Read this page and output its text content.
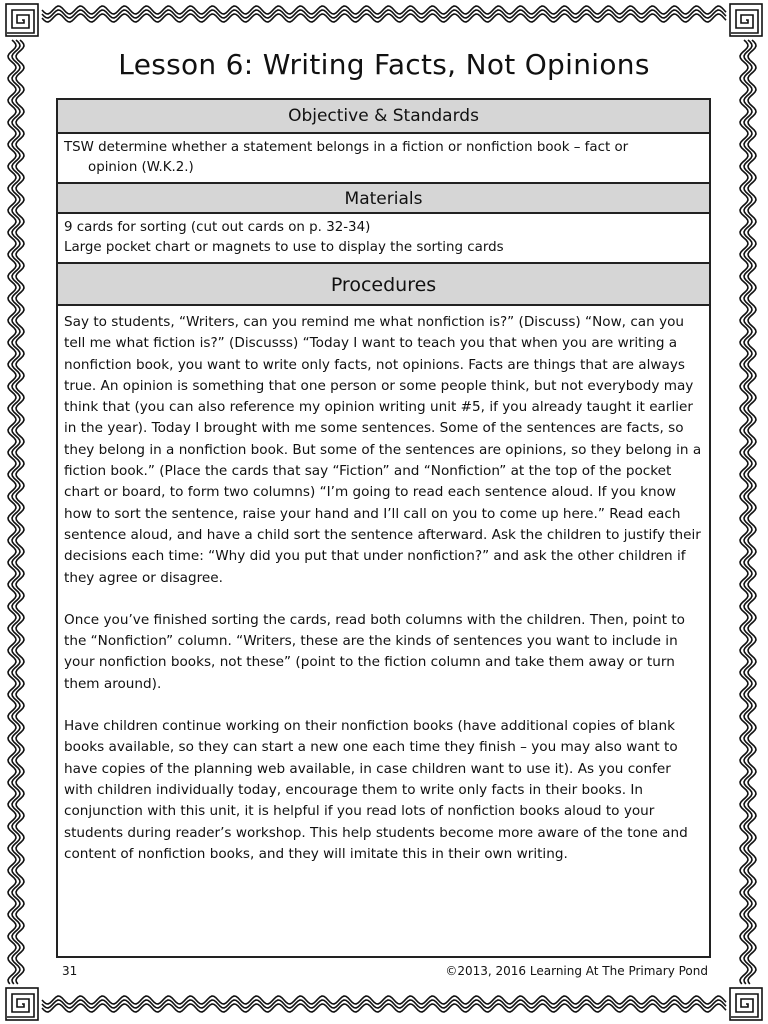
Lesson 6: Writing Facts, Not Opinions
Objective & Standards
TSW determine whether a statement belongs in a fiction or nonfiction book – fact or
opinion (W.K.2.)
Materials
9 cards for sorting (cut out cards on p. 32-34)
Large pocket chart or magnets to use to display the sorting cards
Procedures

Say to students, “Writers, can you remind me what nonfiction is?” (Discuss) “Now, can you tell me what fiction is?” (Discusss) “Today I want to teach you that when you are writing a nonfiction book, you want to write only facts, not opinions. Facts are things that are always true. An opinion is something that one person or some people think, but not everybody may think that (you can also reference my opinion writing unit #5, if you already taught it earlier in the year). Today I brought with me some sentences. Some of the sentences are facts, so they belong in a nonfiction book. But some of the sentences are opinions, so they belong in a fiction book.” (Place the cards that say “Fiction” and “Nonfiction” at the top of the pocket chart or board, to form two columns) “I’m going to read each sentence aloud. If you know how to sort the sentence, raise your hand and I’ll call on you to come up here.” Read each sentence aloud, and have a child sort the sentence afterward. Ask the children to justify their decisions each time: “Why did you put that under nonfiction?” and ask the other children if they agree or disagree.

Once you’ve finished sorting the cards, read both columns with the children. Then, point to the “Nonfiction” column. “Writers, these are the kinds of sentences you want to include in your nonfiction books, not these” (point to the fiction column and take them away or turn them around).

Have children continue working on their nonfiction books (have additional copies of blank books available, so they can start a new one each time they finish – you may also want to have copies of the planning web available, in case children want to use it). As you confer with children individually today, encourage them to write only facts in their books. In conjunction with this unit, it is helpful if you read lots of nonfiction books aloud to your students during reader’s workshop. This help students become more aware of the tone and content of nonfiction books, and they will imitate this in their own writing.

31	©2013, 2016 Learning At The Primary Pond
